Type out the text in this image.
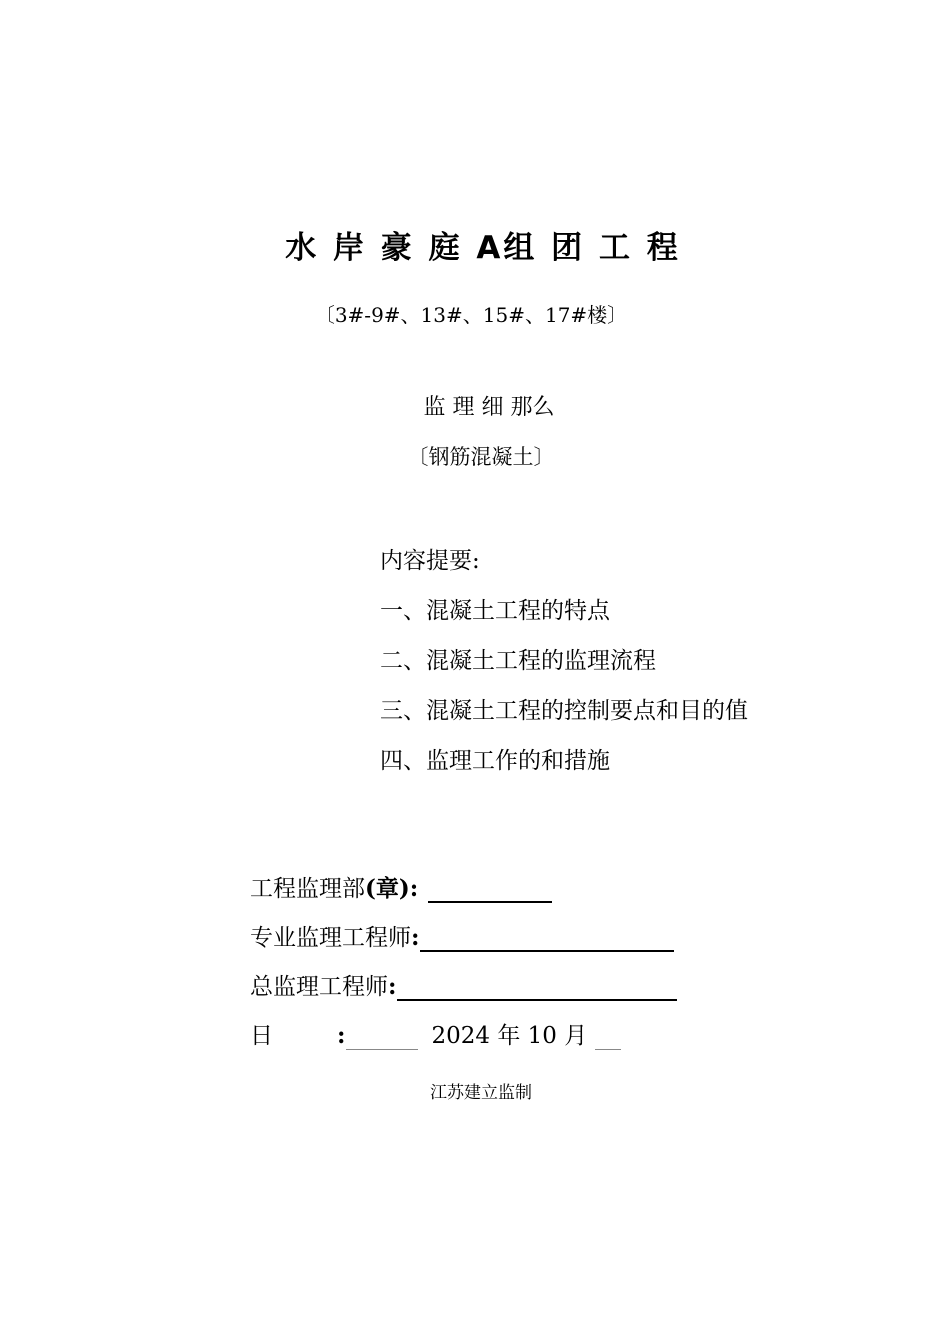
水 岸 豪 庭 A组 团 工 程
〔3#-9#、13#、15#、17#楼〕
监 理 细 那么
〔钢筋混凝土〕
内容提要:
一、混凝土工程的特点
二、混凝土工程的监理流程
三、混凝土工程的控制要点和目的值
四、监理工作的和措施
工程监理部 (章) :
专业监理工程师 :
总监理工程师 :
日	:	2024 年 10 月
江苏建立监制
